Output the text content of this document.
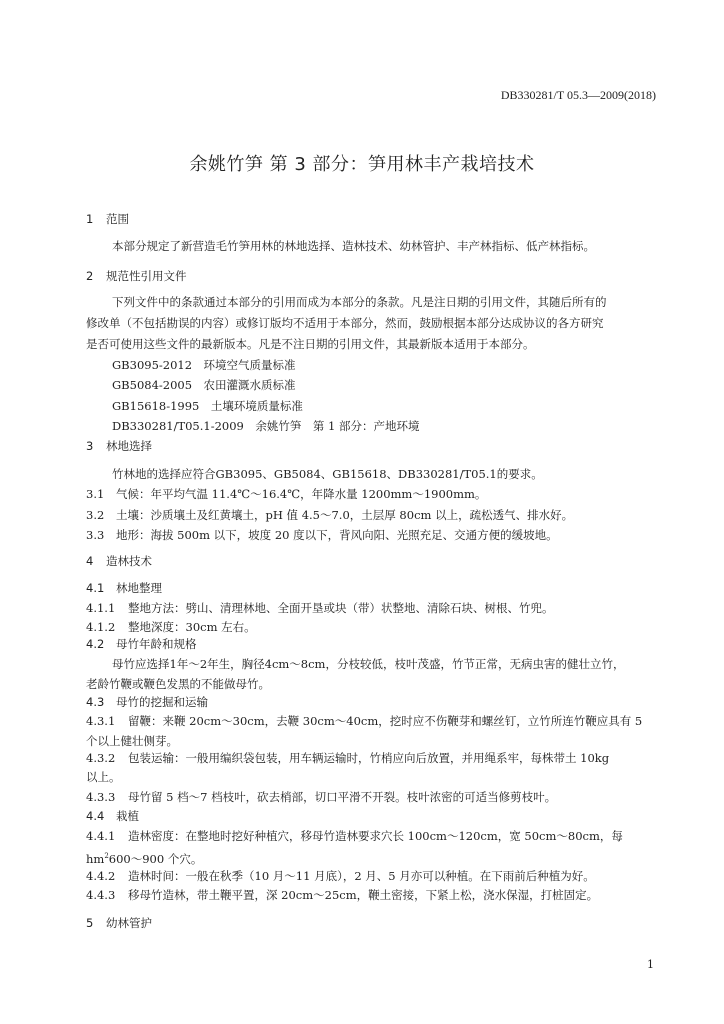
DB330281/T 05.3—2009(2018)
余姚竹笋 第 3 部分：笋用林丰产栽培技术
1 范围
本部分规定了新营造毛竹笋用林的林地选择、造林技术、幼林管护、丰产林指标、低产林指标。
2 规范性引用文件
下列文件中的条款通过本部分的引用而成为本部分的条款。凡是注日期的引用文件，其随后所有的
修改单（不包括勘误的内容）或修订版均不适用于本部分，然而，鼓励根据本部分达成协议的各方研究
是否可使用这些文件的最新版本。凡是不注日期的引用文件，其最新版本适用于本部分。
GB3095-2012　环境空气质量标准
GB5084-2005　农田灌溉水质标准
GB15618-1995　土壤环境质量标准
DB330281/T05.1-2009　余姚竹笋　第 1 部分：产地环境
3 林地选择
竹林地的选择应符合GB3095、GB5084、GB15618、DB330281/T05.1的要求。
3.1 气候：年平均气温 11.4℃～16.4℃，年降水量 1200mm～1900mm。
3.2 土壤：沙质壤土及红黄壤土，pH 值 4.5～7.0，土层厚 80cm 以上，疏松透气、排水好。
3.3 地形：海拔 500m 以下，坡度 20 度以下，背风向阳、光照充足、交通方便的缓坡地。
4 造林技术
4.1 林地整理
4.1.1 整地方法：劈山、清理林地、全面开垦或块（带）状整地、清除石块、树根、竹兜。
4.1.2 整地深度：30cm 左右。
4.2 母竹年龄和规格
母竹应选择1年～2年生，胸径4cm～8cm，分枝较低，枝叶茂盛，竹节正常，无病虫害的健壮立竹，
老龄竹鞭或鞭色发黑的不能做母竹。
4.3 母竹的挖掘和运输
4.3.1 留鞭：来鞭 20cm～30cm，去鞭 30cm～40cm，挖时应不伤鞭芽和螺丝钉，立竹所连竹鞭应具有 5
个以上健壮侧芽。
4.3.2 包装运输：一般用编织袋包装，用车辆运输时，竹梢应向后放置，并用绳系牢，每株带土 10kg
以上。
4.3.3 母竹留 5 档～7 档枝叶，砍去梢部，切口平滑不开裂。枝叶浓密的可适当修剪枝叶。
4.4 栽植
4.4.1 造林密度：在整地时挖好种植穴，移母竹造林要求穴长 100cm～120cm，宽 50cm～80cm，每
$hm^2600\sim 900$ 个穴。
4.4.2 造林时间：一般在秋季（10 月～11 月底），2 月、5 月亦可以种植。在下雨前后种植为好。
4.4.3 移母竹造林，带土鞭平置，深 20cm～25cm，鞭土密接，下紧上松，浇水保湿，打桩固定。
5 幼林管护
1
